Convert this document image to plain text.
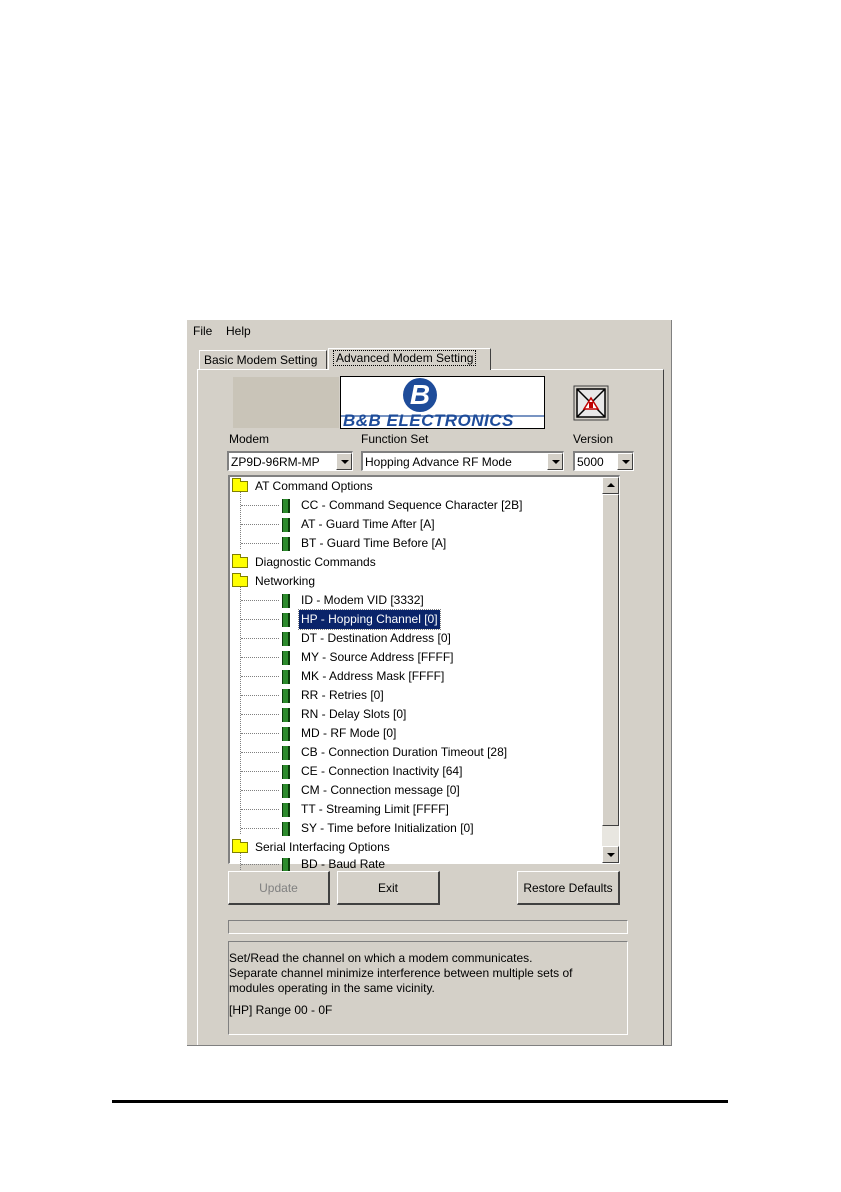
File Help
Basic Modem Setting	Advanced Modem Setting
B
B&B ELECTRONICS
Modem	Function Set	Version
ZP9D-96RM-MP	Hopping Advance RF Mode	5000
AT Command Options
CC - Command Sequence Character [2B]
AT - Guard Time After [A]
BT - Guard Time Before [A]
Diagnostic Commands
Networking
ID - Modem VID [3332]
HP - Hopping Channel [0]
DT - Destination Address [0]
MY - Source Address [FFFF]
MK - Address Mask [FFFF]
RR - Retries [0]
RN - Delay Slots [0]
MD - RF Mode [0]
CB - Connection Duration Timeout [28]
CE - Connection Inactivity [64]
CM - Connection message [0]
TT - Streaming Limit [FFFF]
SY - Time before Initialization [0]
Serial Interfacing Options
BD - Baud Rate
Update	Exit	Restore Defaults
Set/Read the channel on which a modem communicates.
Separate channel minimize interference between multiple sets of
modules operating in the same vicinity.
[HP] Range 00 - 0F
